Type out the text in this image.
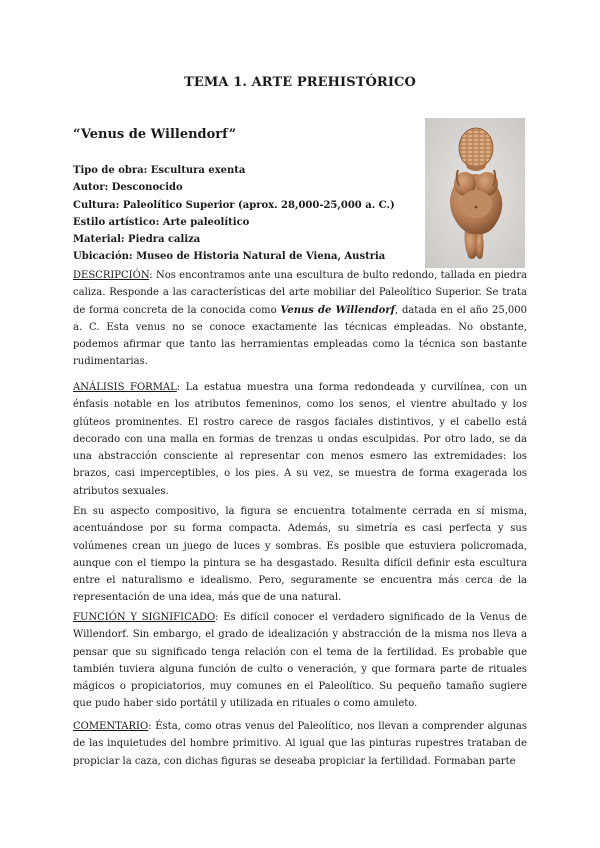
TEMA 1. ARTE PREHISTÓRICO
“Venus de Willendorf”
Tipo de obra: Escultura exenta
Autor: Desconocido
Cultura: Paleolítico Superior (aprox. 28,000-25,000 a. C.)
Estilo artístico: Arte paleolítico
Material: Piedra caliza
Ubicación: Museo de Historia Natural de Viena, Austria

DESCRIPCIÓN: Nos encontramos ante una escultura de bulto redondo, tallada en piedra caliza. Responde a las características del arte mobiliar del Paleolítico Superior. Se trata de forma concreta de la conocida como Venus de Willendorf, datada en el año 25,000 a. C. Esta venus no se conoce exactamente las técnicas empleadas. No obstante, podemos afirmar que tanto las herramientas empleadas como la técnica son bastante rudimentarias.

ANÁLISIS FORMAL: La estatua muestra una forma redondeada y curvilínea, con un énfasis notable en los atributos femeninos, como los senos, el vientre abultado y los glúteos prominentes. El rostro carece de rasgos faciales distintivos, y el cabello está decorado con una malla en formas de trenzas u ondas esculpidas. Por otro lado, se da una abstracción consciente al representar con menos esmero las extremidades: los brazos, casi imperceptibles, o los pies. A su vez, se muestra de forma exagerada los atributos sexuales.

En su aspecto compositivo, la figura se encuentra totalmente cerrada en sí misma, acentuándose por su forma compacta. Además, su simetría es casi perfecta y sus volúmenes crean un juego de luces y sombras. Es posible que estuviera policromada, aunque con el tiempo la pintura se ha desgastado. Resulta difícil definir esta escultura entre el naturalismo e idealismo. Pero, seguramente se encuentra más cerca de la representación de una idea, más que de una natural.

FUNCIÓN Y SIGNIFICADO: Es difícil conocer el verdadero significado de la Venus de Willendorf. Sin embargo, el grado de idealización y abstracción de la misma nos lleva a pensar que su significado tenga relación con el tema de la fertilidad. Es probable que también tuviera alguna función de culto o veneración, y que formara parte de rituales mágicos o propiciatorios, muy comunes en el Paleolítico. Su pequeño tamaño sugiere que pudo haber sido portátil y utilizada en rituales o como amuleto.

COMENTARIO: Ésta, como otras venus del Paleolítico, nos llevan a comprender algunas de las inquietudes del hombre primitivo. Al igual que las pinturas rupestres trataban de propiciar la caza, con dichas figuras se deseaba propiciar la fertilidad. Formaban parte
